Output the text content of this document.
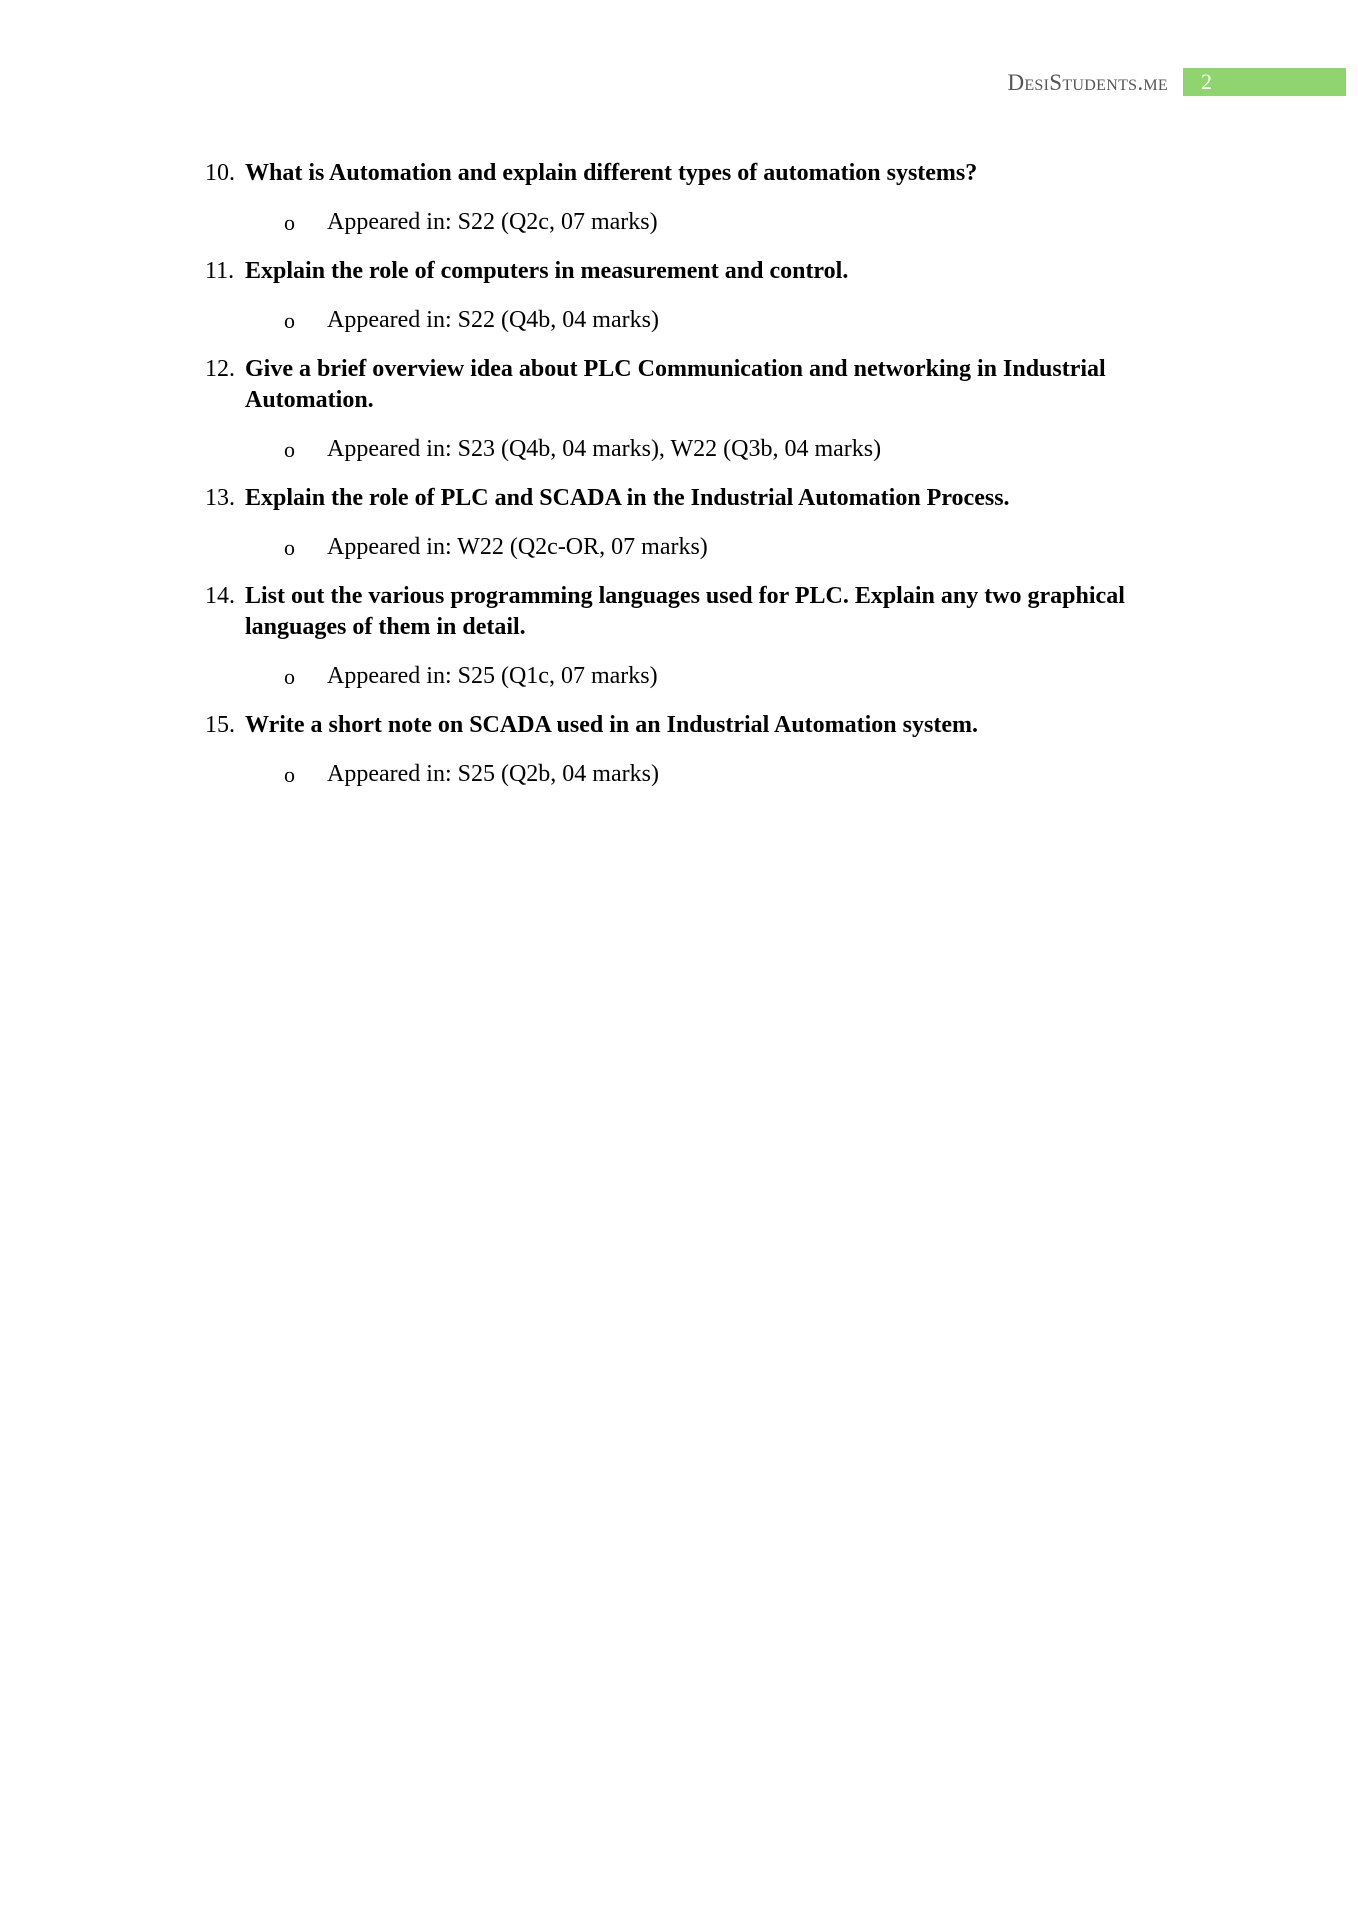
DesiStudents.me	2
10. What is Automation and explain different types of automation systems?
o Appeared in: S22 (Q2c, 07 marks)
11. Explain the role of computers in measurement and control.
o Appeared in: S22 (Q4b, 04 marks)
12. Give a brief overview idea about PLC Communication and networking in Industrial Automation.
o Appeared in: S23 (Q4b, 04 marks), W22 (Q3b, 04 marks)
13. Explain the role of PLC and SCADA in the Industrial Automation Process.
o Appeared in: W22 (Q2c-OR, 07 marks)
14. List out the various programming languages used for PLC. Explain any two graphical languages of them in detail.
o Appeared in: S25 (Q1c, 07 marks)
15. Write a short note on SCADA used in an Industrial Automation system.
o Appeared in: S25 (Q2b, 04 marks)
